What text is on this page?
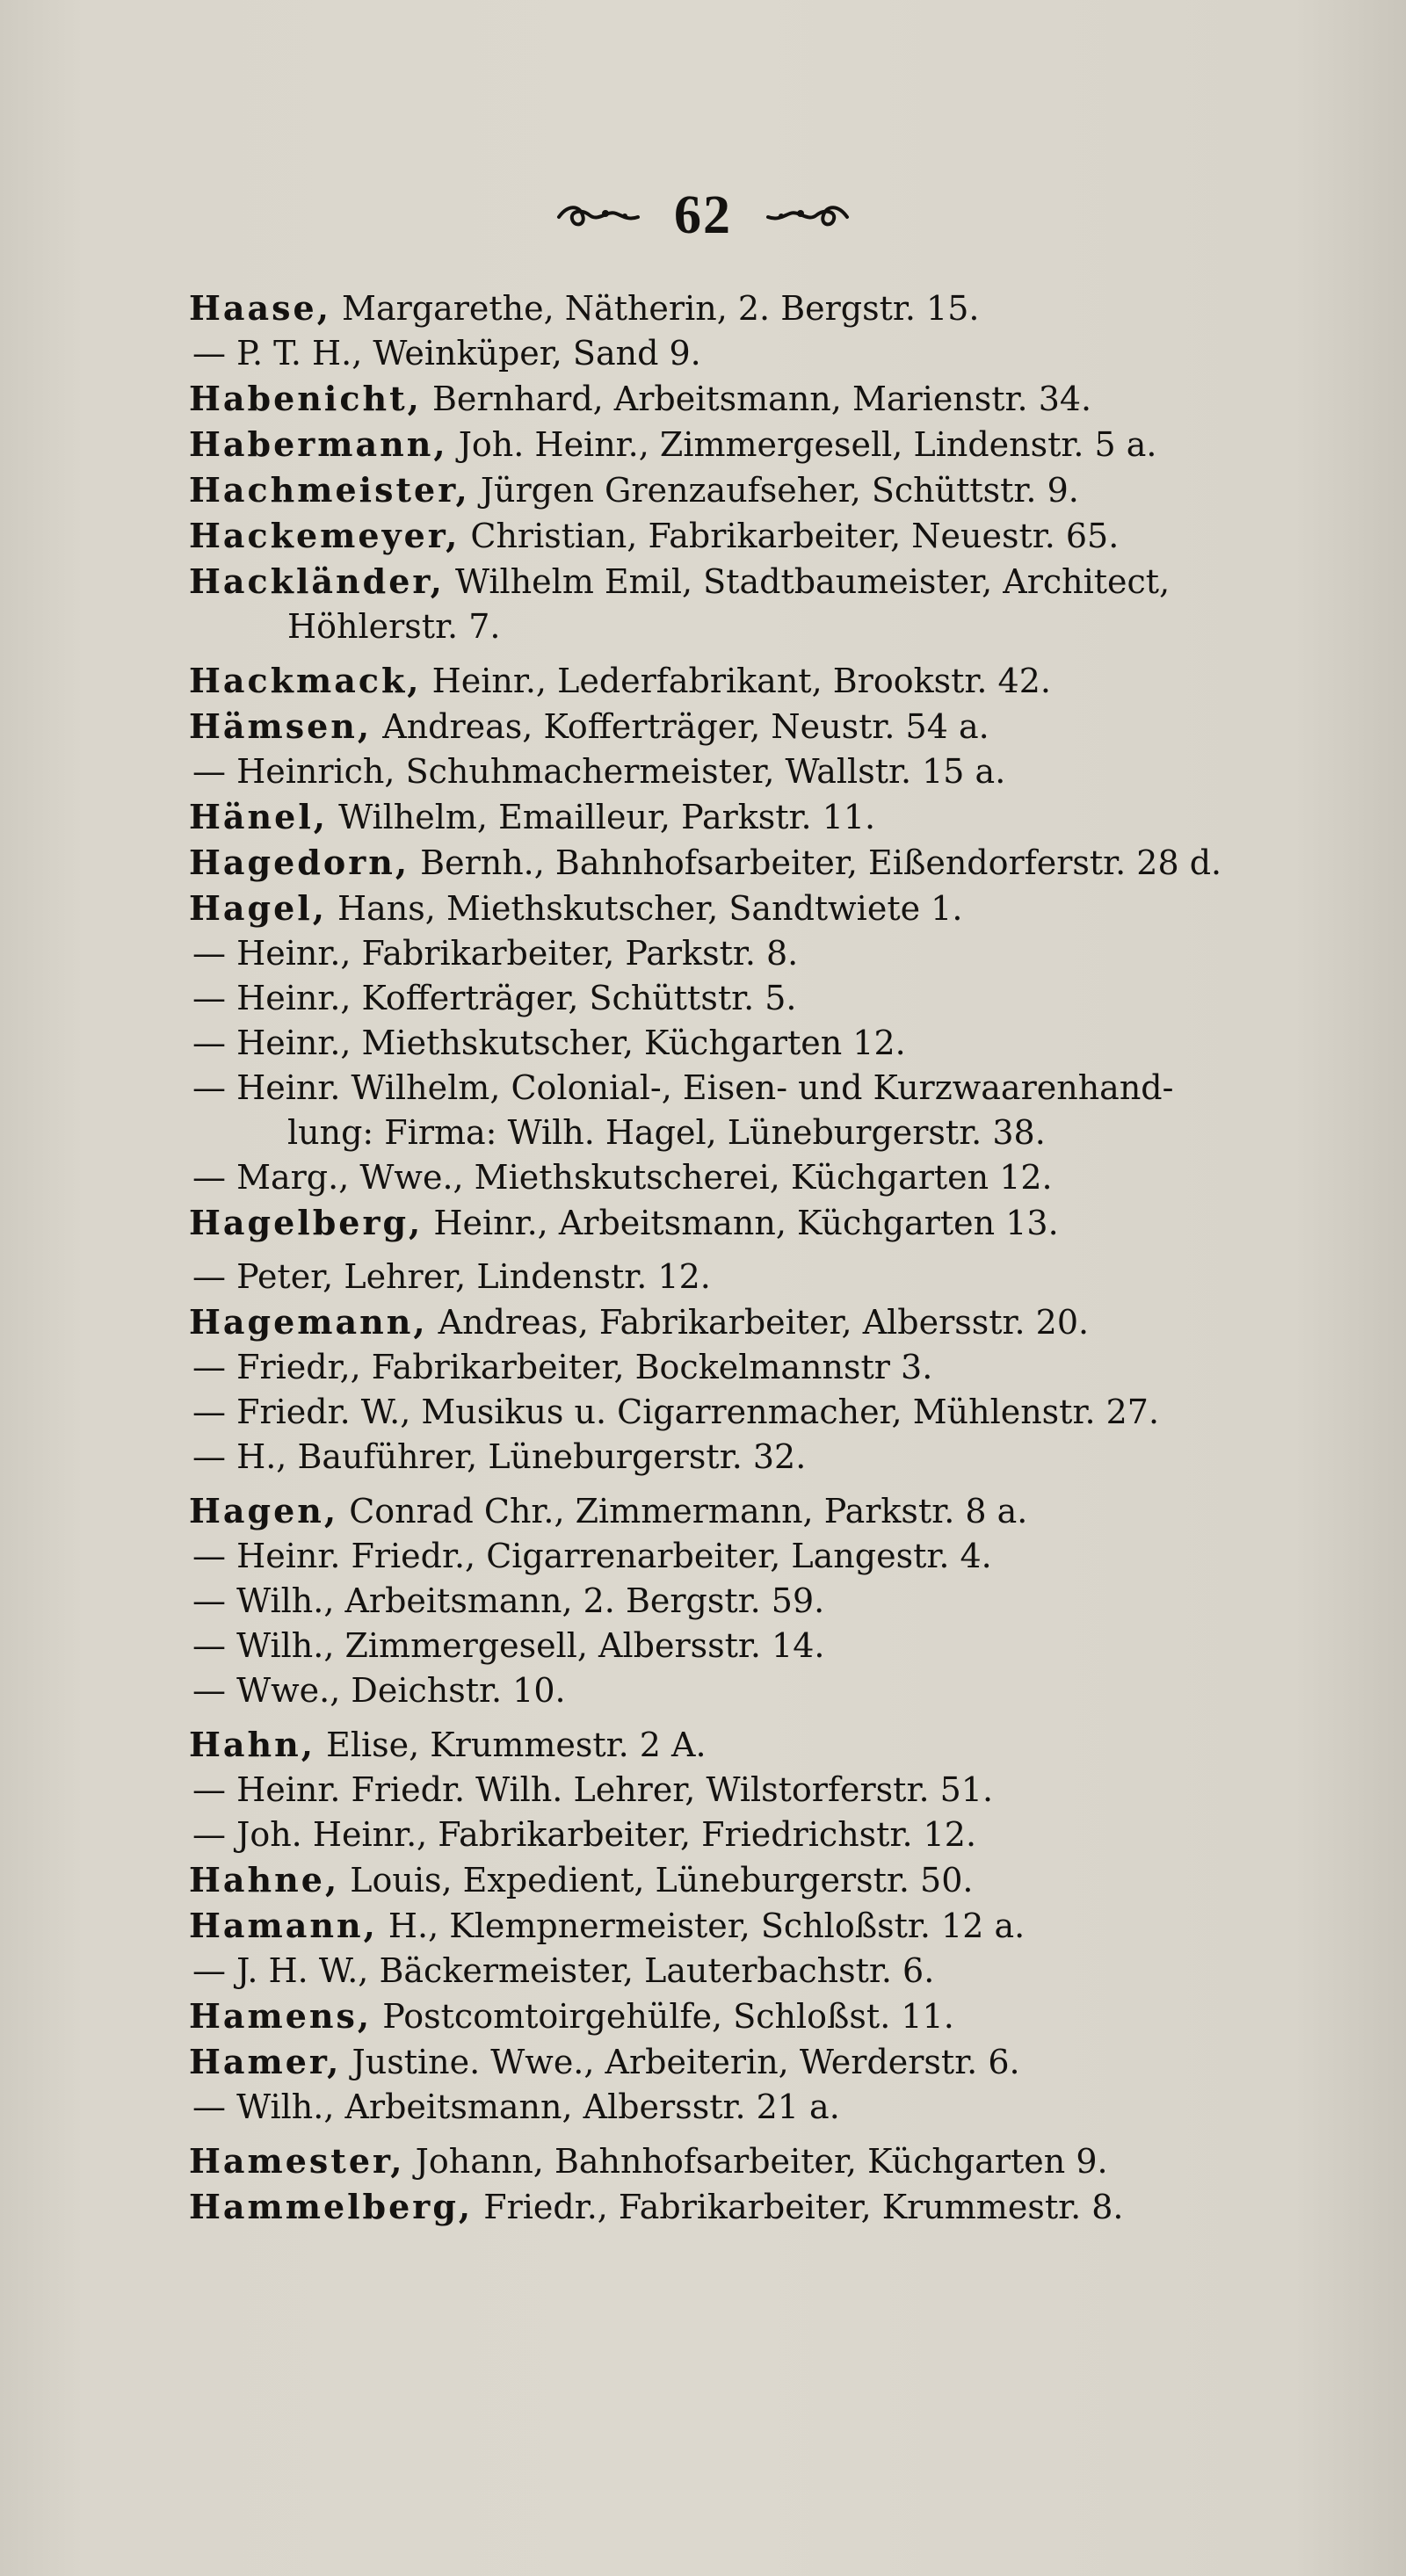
62
Haase, Margarethe, Nätherin, 2. Bergstr. 15.
— P. T. H., Weinküper, Sand 9.
Habenicht, Bernhard, Arbeitsmann, Marienstr. 34.
Habermann, Joh. Heinr., Zimmergesell, Lindenstr. 5 a.
Hachmeister, Jürgen Grenzaufseher, Schüttstr. 9.
Hackemeyer, Christian, Fabrikarbeiter, Neuestr. 65.
Hackländer, Wilhelm Emil, Stadtbaumeister, Architect,
Höhlerstr. 7.
Hackmack, Heinr., Lederfabrikant, Brookstr. 42.
Hämsen, Andreas, Kofferträger, Neustr. 54 a.
— Heinrich, Schuhmachermeister, Wallstr. 15 a.
Hänel, Wilhelm, Emailleur, Parkstr. 11.
Hagedorn, Bernh., Bahnhofsarbeiter, Eißendorferstr. 28 d.
Hagel, Hans, Miethskutscher, Sandtwiete 1.
— Heinr., Fabrikarbeiter, Parkstr. 8.
— Heinr., Kofferträger, Schüttstr. 5.
— Heinr., Miethskutscher, Küchgarten 12.
— Heinr. Wilhelm, Colonial-, Eisen- und Kurzwaarenhand-
lung: Firma: Wilh. Hagel, Lüneburgerstr. 38.
— Marg., Wwe., Miethskutscherei, Küchgarten 12.
Hagelberg, Heinr., Arbeitsmann, Küchgarten 13.
— Peter, Lehrer, Lindenstr. 12.
Hagemann, Andreas, Fabrikarbeiter, Albersstr. 20.
— Friedr,, Fabrikarbeiter, Bockelmannstr 3.
— Friedr. W., Musikus u. Cigarrenmacher, Mühlenstr. 27.
— H., Bauführer, Lüneburgerstr. 32.
Hagen, Conrad Chr., Zimmermann, Parkstr. 8 a.
— Heinr. Friedr., Cigarrenarbeiter, Langestr. 4.
— Wilh., Arbeitsmann, 2. Bergstr. 59.
— Wilh., Zimmergesell, Albersstr. 14.
— Wwe., Deichstr. 10.
Hahn, Elise, Krummestr. 2 A.
— Heinr. Friedr. Wilh. Lehrer, Wilstorferstr. 51.
— Joh. Heinr., Fabrikarbeiter, Friedrichstr. 12.
Hahne, Louis, Expedient, Lüneburgerstr. 50.
Hamann, H., Klempnermeister, Schloßstr. 12 a.
— J. H. W., Bäckermeister, Lauterbachstr. 6.
Hamens, Postcomtoirgehülfe, Schloßst. 11.
Hamer, Justine. Wwe., Arbeiterin, Werderstr. 6.
— Wilh., Arbeitsmann, Albersstr. 21 a.
Hamester, Johann, Bahnhofsarbeiter, Küchgarten 9.
Hammelberg, Friedr., Fabrikarbeiter, Krummestr. 8.
